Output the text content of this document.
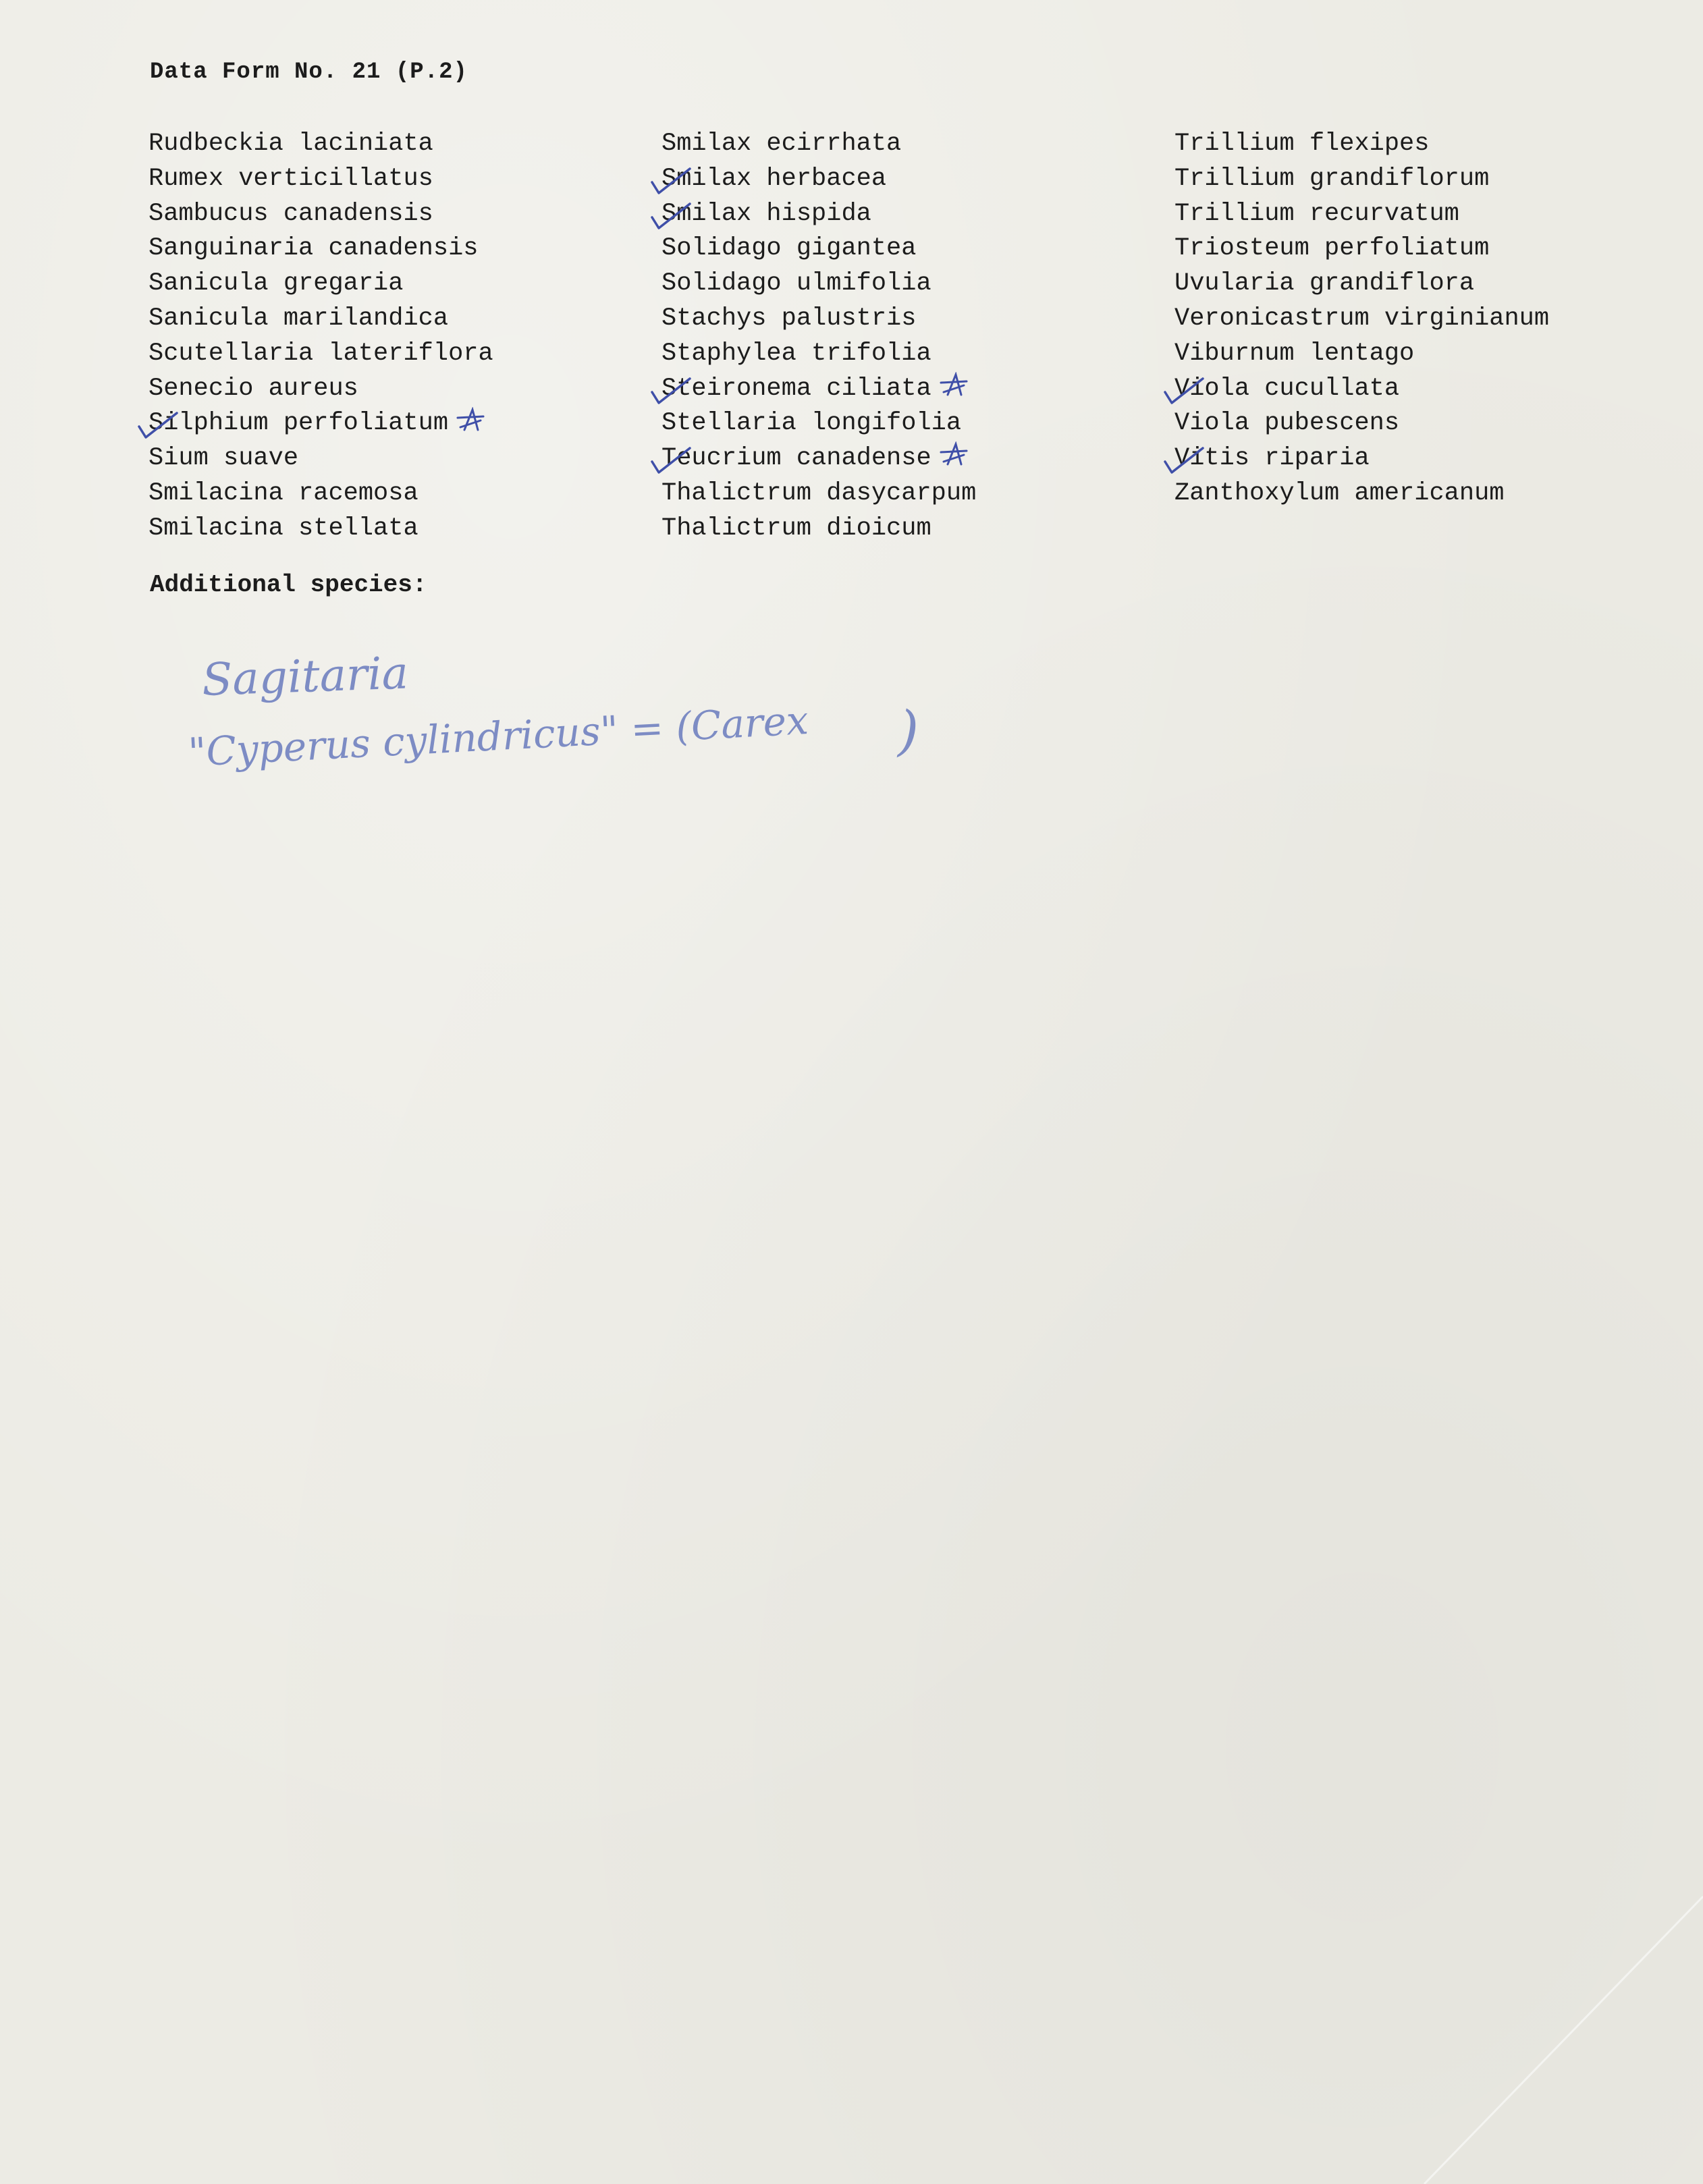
Data Form No. 21 (P.2)
Rudbeckia laciniata
Rumex verticillatus
Sambucus canadensis
Sanguinaria canadensis
Sanicula gregaria
Sanicula marilandica
Scutellaria lateriflora
Senecio aureus
Silphium perfoliatum
Sium suave
Smilacina racemosa
Smilacina stellata
Smilax ecirrhata
Smilax herbacea
Smilax hispida
Solidago gigantea
Solidago ulmifolia
Stachys palustris
Staphylea trifolia
Steironema ciliata
Stellaria longifolia
Teucrium canadense
Thalictrum dasycarpum
Thalictrum dioicum
Trillium flexipes
Trillium grandiflorum
Trillium recurvatum
Triosteum perfoliatum
Uvularia grandiflora
Veronicastrum virginianum
Viburnum lentago
Viola cucullata
Viola pubescens
Vitis riparia
Zanthoxylum americanum
Additional species:
Sagitaria
"Cyperus cylindricus" = (Carex )
